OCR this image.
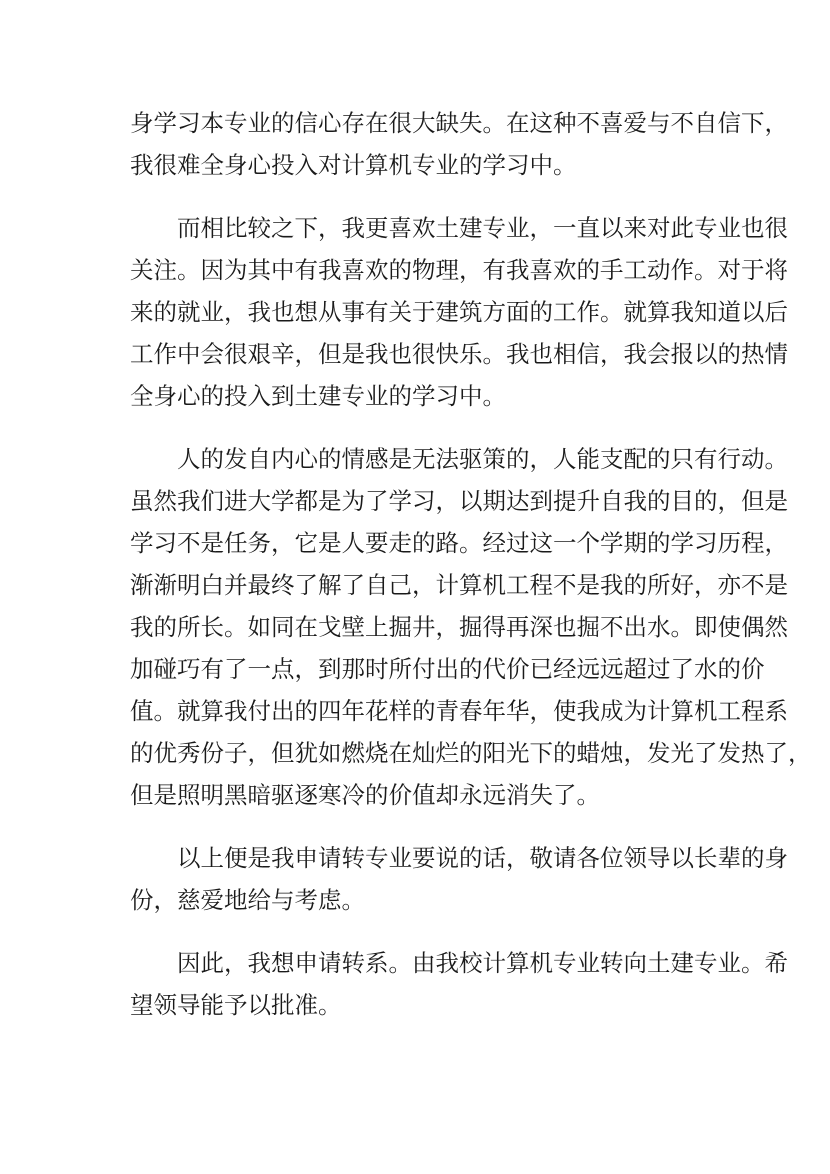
身学习本专业的信心存在很大缺失。在这种不喜爱与不自信下，
我很难全身心投入对计算机专业的学习中。
而相比较之下，我更喜欢土建专业，一直以来对此专业也很
关注。因为其中有我喜欢的物理，有我喜欢的手工动作。对于将
来的就业，我也想从事有关于建筑方面的工作。就算我知道以后
工作中会很艰辛，但是我也很快乐。我也相信，我会报以的热情
全身心的投入到土建专业的学习中。
人的发自内心的情感是无法驱策的，人能支配的只有行动。
虽然我们进大学都是为了学习，以期达到提升自我的目的，但是
学习不是任务，它是人要走的路。经过这一个学期的学习历程，
渐渐明白并最终了解了自己，计算机工程不是我的所好，亦不是
我的所长。如同在戈壁上掘井，掘得再深也掘不出水。即使偶然
加碰巧有了一点，到那时所付出的代价已经远远超过了水的价
值。就算我付出的四年花样的青春年华，使我成为计算机工程系
的优秀份子，但犹如燃烧在灿烂的阳光下的蜡烛，发光了发热了，
但是照明黑暗驱逐寒冷的价值却永远消失了。
以上便是我申请转专业要说的话，敬请各位领导以长辈的身
份，慈爱地给与考虑。
因此，我想申请转系。由我校计算机专业转向土建专业。希
望领导能予以批准。
